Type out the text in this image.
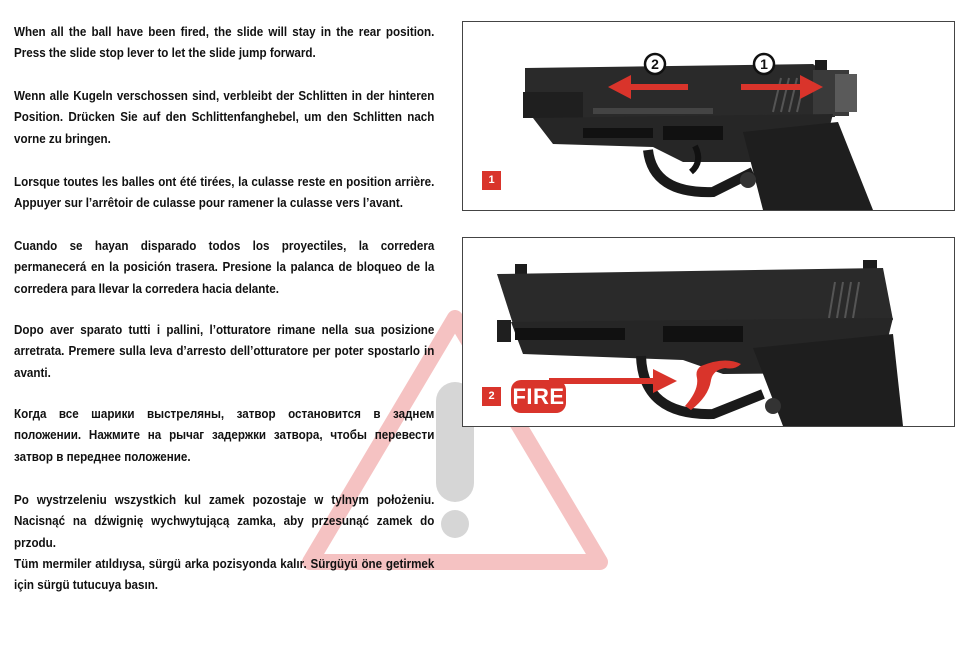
When all the ball have been fired, the slide will stay in the rear position. Press the slide stop lever to let the slide jump forward.

Wenn alle Kugeln verschossen sind, verbleibt der Schlitten in der hinteren Position. Drücken Sie auf den Schlittenfanghebel, um den Schlitten nach vorne zu bringen.

Lorsque toutes les balles ont été tirées, la culasse reste en position arrière. Appuyer sur l’arrêtoir de culasse pour ramener la culasse vers l’avant.

Cuando se hayan disparado todos los proyectiles, la corredera permanecerá en la posición trasera. Presione la palanca de bloqueo de la corredera para llevar la corredera hacia delante.

Dopo aver sparato tutti i pallini, l’otturatore rimane nella sua posizione arretrata. Premere sulla leva d’arresto dell’otturatore per poter spostarlo in avanti.

Когда все шарики выстреляны, затвор остановится в заднем положении. Нажмите на рычаг задержки затвора, чтобы перевести затвор в переднее положение.

Po wystrzeleniu wszystkich kul zamek pozostaje w tylnym położeniu. Nacisnąć na dźwignię wychwytującą zamka, aby przesunąć zamek do przodu.

Tüm mermiler atıldıysa, sürgü arka pozisyonda kalır. Sürgüyü öne getirmek için sürgü tutucuya basın.

2	1
1
2 FIRE
